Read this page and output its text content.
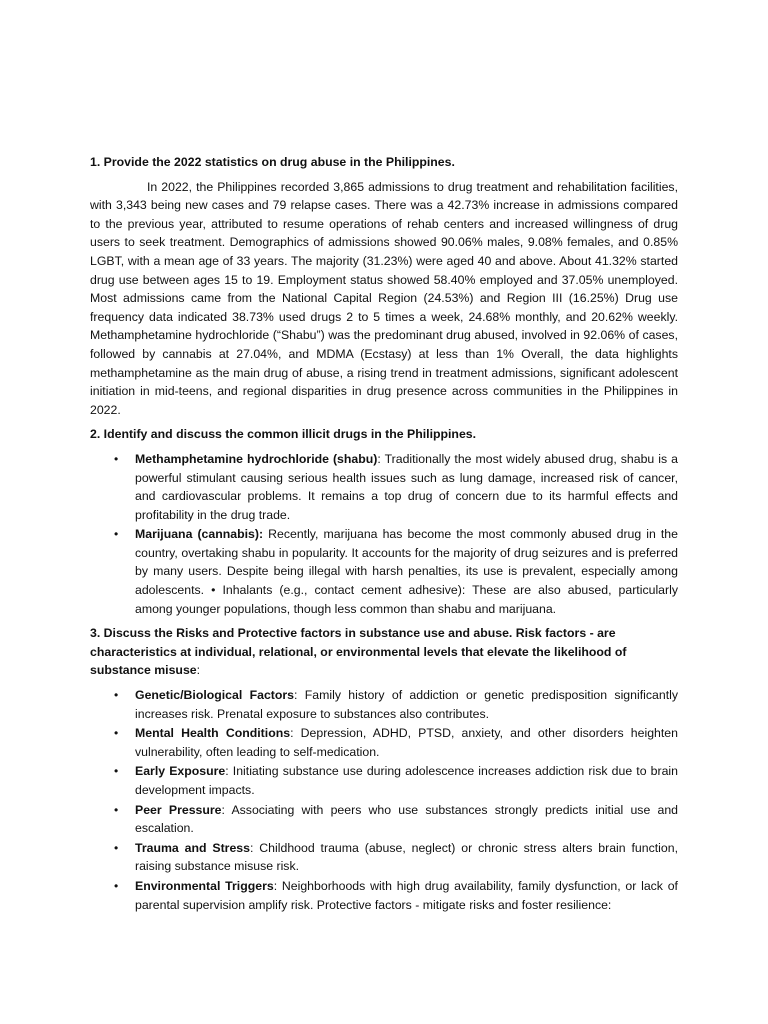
1. Provide the 2022 statistics on drug abuse in the Philippines.

In 2022, the Philippines recorded 3,865 admissions to drug treatment and rehabilitation facilities, with 3,343 being new cases and 79 relapse cases. There was a 42.73% increase in admissions compared to the previous year, attributed to resume operations of rehab centers and increased willingness of drug users to seek treatment. Demographics of admissions showed 90.06% males, 9.08% females, and 0.85% LGBT, with a mean age of 33 years. The majority (31.23%) were aged 40 and above. About 41.32% started drug use between ages 15 to 19. Employment status showed 58.40% employed and 37.05% unemployed. Most admissions came from the National Capital Region (24.53%) and Region III (16.25%) Drug use frequency data indicated 38.73% used drugs 2 to 5 times a week, 24.68% monthly, and 20.62% weekly. Methamphetamine hydrochloride (“Shabu”) was the predominant drug abused, involved in 92.06% of cases, followed by cannabis at 27.04%, and MDMA (Ecstasy) at less than 1% Overall, the data highlights methamphetamine as the main drug of abuse, a rising trend in treatment admissions, significant adolescent initiation in mid-teens, and regional disparities in drug presence across communities in the Philippines in 2022.

2. Identify and discuss the common illicit drugs in the Philippines.

• Methamphetamine hydrochloride (shabu): Traditionally the most widely abused drug, shabu is a powerful stimulant causing serious health issues such as lung damage, increased risk of cancer, and cardiovascular problems. It remains a top drug of concern due to its harmful effects and profitability in the drug trade.
• Marijuana (cannabis): Recently, marijuana has become the most commonly abused drug in the country, overtaking shabu in popularity. It accounts for the majority of drug seizures and is preferred by many users. Despite being illegal with harsh penalties, its use is prevalent, especially among adolescents. • Inhalants (e.g., contact cement adhesive): These are also abused, particularly among younger populations, though less common than shabu and marijuana.

3. Discuss the Risks and Protective factors in substance use and abuse. Risk factors - are characteristics at individual, relational, or environmental levels that elevate the likelihood of substance misuse:

• Genetic/Biological Factors: Family history of addiction or genetic predisposition significantly increases risk. Prenatal exposure to substances also contributes.
• Mental Health Conditions: Depression, ADHD, PTSD, anxiety, and other disorders heighten vulnerability, often leading to self-medication.
• Early Exposure: Initiating substance use during adolescence increases addiction risk due to brain development impacts.
• Peer Pressure: Associating with peers who use substances strongly predicts initial use and escalation.
• Trauma and Stress: Childhood trauma (abuse, neglect) or chronic stress alters brain function, raising substance misuse risk.
• Environmental Triggers: Neighborhoods with high drug availability, family dysfunction, or lack of parental supervision amplify risk. Protective factors - mitigate risks and foster resilience:
